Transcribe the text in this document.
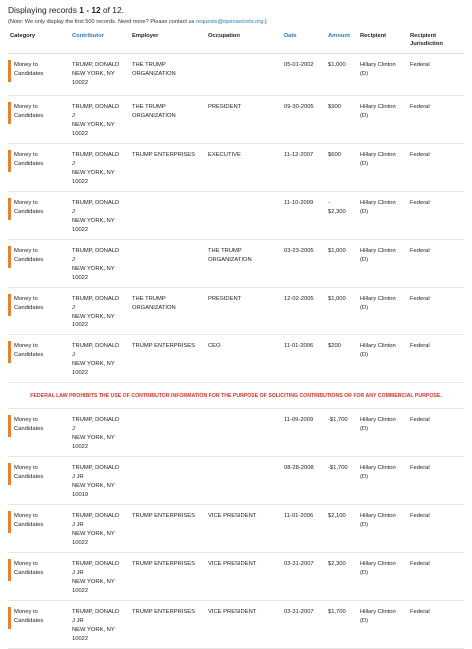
Displaying records 1 - 12 of 12.
(Note: We only display the first 500 records. Need more? Please contact us requests@opensecrets.org.)
Category	Contributor	Employer	Occupation	Date	Amount	Recipient	Recipient
Jurisdiction

Money to
Candidates	TRUMP, DONALD
NEW YORK, NY
10022	THE TRUMP
ORGANIZATION		05-01-2002	$1,000	Hillary Clinton
(D)	Federal

Money to
Candidates	TRUMP, DONALD
J
NEW YORK, NY
10022	THE TRUMP
ORGANIZATION	PRESIDENT	09-30-2005	$900	Hillary Clinton
(D)	Federal

Money to
Candidates	TRUMP, DONALD
J
NEW YORK, NY
10022	TRUMP ENTERPRISES	EXECUTIVE	11-12-2007	$600	Hillary Clinton
(D)	Federal

Money to
Candidates	TRUMP, DONALD
J
NEW YORK, NY
10022			11-10-2009	-
$2,300	Hillary Clinton
(D)	Federal

Money to
Candidates	TRUMP, DONALD
J
NEW YORK, NY
10022		THE TRUMP
ORGANIZATION	03-23-2005	$1,000	Hillary Clinton
(D)	Federal

Money to
Candidates	TRUMP, DONALD
J
NEW YORK, NY
10022	THE TRUMP
ORGANIZATION	PRESIDENT	12-02-2005	$1,000	Hillary Clinton
(D)	Federal

Money to
Candidates	TRUMP, DONALD
J
NEW YORK, NY
10022	TRUMP ENTERPRISES	CEO	11-01-2006	$200	Hillary Clinton
(D)	Federal

FEDERAL LAW PROHIBITS THE USE OF CONTRIBUTOR INFORMATION FOR THE PURPOSE OF SOLICITING CONTRIBUTIONS OR FOR ANY COMMERCIAL PURPOSE.							

Money to
Candidates	TRUMP, DONALD
J
NEW YORK, NY
10022			11-09-2009	-$1,700	Hillary Clinton
(D)	Federal

Money to
Candidates	TRUMP, DONALD
J JR
NEW YORK, NY
10019			08-28-2008	-$1,700	Hillary Clinton
(D)	Federal

Money to
Candidates	TRUMP, DONALD
J JR
NEW YORK, NY
10022	TRUMP ENTERPRISES	VICE PRESIDENT	11-01-2006	$2,100	Hillary Clinton
(D)	Federal

Money to
Candidates	TRUMP, DONALD
J JR
NEW YORK, NY
10022	TRUMP ENTERPRISES	VICE PRESIDENT	03-31-2007	$2,300	Hillary Clinton
(D)	Federal

Money to
Candidates	TRUMP, DONALD
J JR
NEW YORK, NY
10022	TRUMP ENTERPRISES	VICE PRESIDENT	03-31-2007	$1,700	Hillary Clinton
(D)	Federal
